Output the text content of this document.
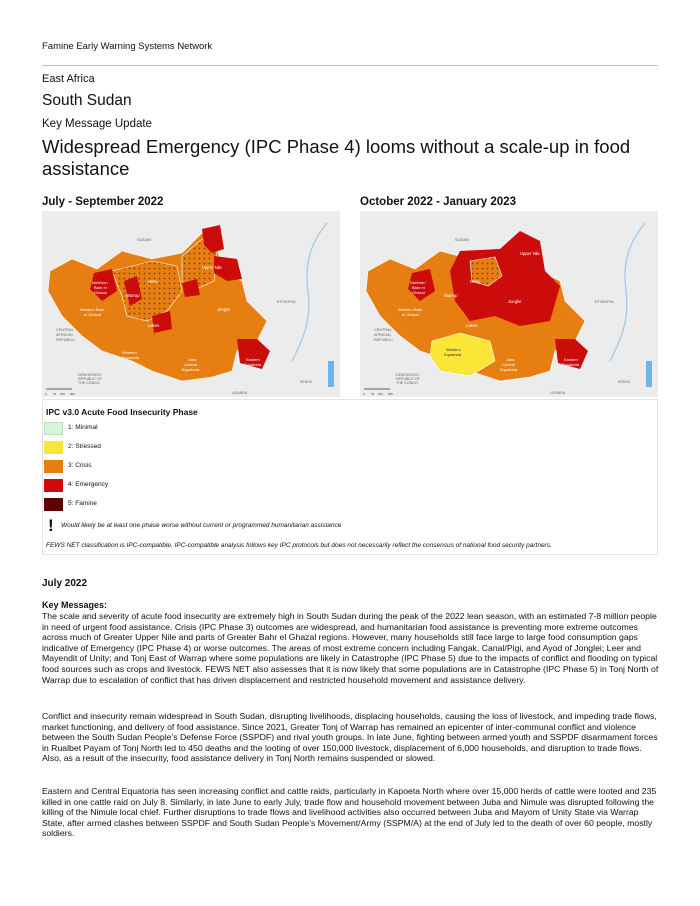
Famine Early Warning Systems Network
East Africa
South Sudan
Key Message Update
Widespread Emergency (IPC Phase 4) looms without a scale-up in food assistance
July - September 2022
SUDAN
Upper Nile
Unity
Northern
Bahr el
Ghazal
Warrap
Western Bahr
el Ghazal
Jonglei
Lakes
ETHIOPIA
CENTRAL
AFRICAN
REPUBLIC
Western
Equatoria
Central
Equatoria
Juba	Eastern
Equatoria
DEMOCRATIC
REPUBLIC OF
THE CONGO
UGANDA
KENYA
0 75 150 300
October 2022 - January 2023
SUDAN
Upper Nile
Unity
Northern
Bahr el
Ghazal
Warrap
Western Bahr
el Ghazal
Jonglei
Lakes
ETHIOPIA
CENTRAL
AFRICAN
REPUBLIC
Western
Equatoria
Central
Equatoria
Juba	Eastern
Equatoria
DEMOCRATIC
REPUBLIC OF
THE CONGO
UGANDA
KENYA
0 75 150 300
IPC v3.0 Acute Food Insecurity Phase
1: Minimal
2: Stressed
3: Crisis
4: Emergency
5: Famine
! Would likely be at least one phase worse without current or programmed humanitarian assistance
FEWS NET classification is IPC-compatible. IPC-compatible analysis follows key IPC protocols but does not necessarily reflect the consensus of national food security partners.
July 2022
Key Messages:

The scale and severity of acute food insecurity are extremely high in South Sudan during the peak of the 2022 lean season, with an estimated 7-8 million people in need of urgent food assistance. Crisis (IPC Phase 3) outcomes are widespread, and humanitarian food assistance is preventing more extreme outcomes across much of Greater Upper Nile and parts of Greater Bahr el Ghazal regions. However, many households still face large to large food consumption gaps indicative of Emergency (IPC Phase 4) or worse outcomes. The areas of most extreme concern including Fangak, Canal/Pigi, and Ayod of Jonglei; Leer and Mayendit of Unity; and Tonj East of Warrap where some populations are likely in Catastrophe (IPC Phase 5) due to the impacts of conflict and flooding on typical food sources such as crops and livestock. FEWS NET also assesses that it is now likely that some populations are in Catastrophe (IPC Phase 5) in Tonj North of Warrap due to escalation of conflict that has driven displacement and restricted household movement and assistance delivery.

Conflict and insecurity remain widespread in South Sudan, disrupting livelihoods, displacing households, causing the loss of livestock, and impeding trade flows, market functioning, and delivery of food assistance. Since 2021, Greater Tonj of Warrap has remained an epicenter of inter-communal conflict and violence between the South Sudan People’s Defense Force (SSPDF) and rival youth groups. In late June, fighting between armed youth and SSPDF disarmament forces in Rualbet Payam of Tonj North led to 450 deaths and the looting of over 150,000 livestock, displacement of 6,000 households, and disruption to trade flows. Also, as a result of the insecurity, food assistance delivery in Tonj North remains suspended or slowed.

Eastern and Central Equatoria has seen increasing conflict and cattle raids, particularly in Kapoeta North where over 15,000 herds of cattle were looted and 235 killed in one cattle raid on July 8. Similarly, in late June to early July, trade flow and household movement between Juba and Nimule was disrupted following the killing of the Nimule local chief. Further disruptions to trade flows and livelihood activities also occurred between Juba and Mayom of Unity State via Warrap State, after armed clashes between SSPDF and South Sudan People’s Movement/Army (SSPM/A) at the end of July led to the death of over 60 people, mostly soldiers.
